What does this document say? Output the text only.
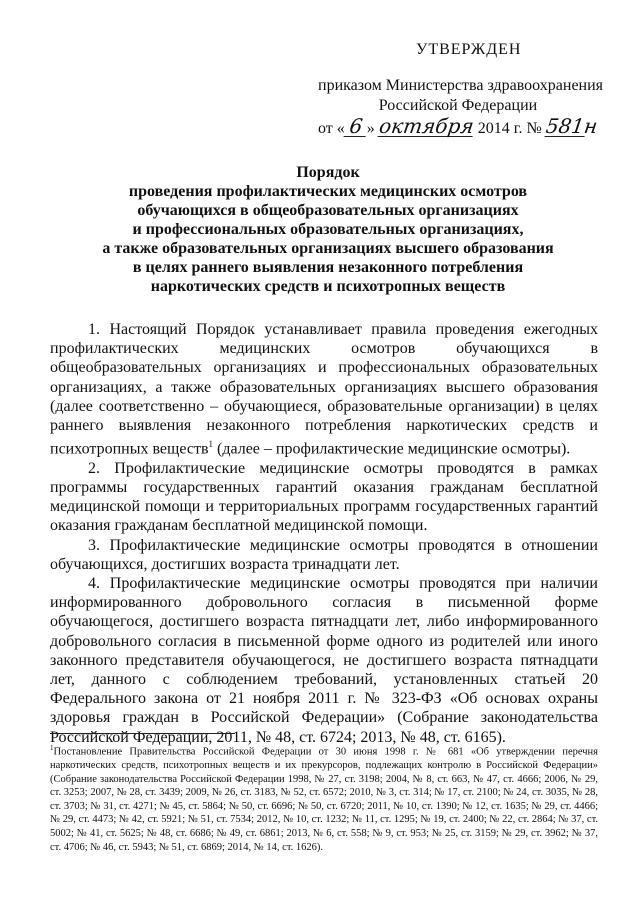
УТВЕРЖДЕН
приказом Министерства здравоохранения
Российской Федерации
от « 6 »
октября
2014 г. №
581н
Порядок
проведения профилактических медицинских осмотров
обучающихся в общеобразовательных организациях
и профессиональных образовательных организациях,
а также образовательных организациях высшего образования
в целях раннего выявления незаконного потребления
наркотических средств и психотропных веществ

1. Настоящий Порядок устанавливает правила проведения ежегодных профилактических медицинских осмотров обучающихся в общеобразовательных организациях и профессиональных образовательных организациях, а также образовательных организациях высшего образования (далее соответственно – обучающиеся, образовательные организации) в целях раннего выявления незаконного потребления наркотических средств и психотропных веществ$^1$ (далее – профилактические медицинские осмотры).

2. Профилактические медицинские осмотры проводятся в рамках программы государственных гарантий оказания гражданам бесплатной медицинской помощи и территориальных программ государственных гарантий оказания гражданам бесплатной медицинской помощи.

3. Профилактические медицинские осмотры проводятся в отношении обучающихся, достигших возраста тринадцати лет.

4. Профилактические медицинские осмотры проводятся при наличии информированного добровольного согласия в письменной форме обучающегося, достигшего возраста пятнадцати лет, либо информированного добровольного согласия в письменной форме одного из родителей или иного законного представителя обучающегося, не достигшего возраста пятнадцати лет, данного с соблюдением требований, установленных статьей 20 Федерального закона от 21 ноября 2011 г. № 323-ФЗ «Об основах охраны здоровья граждан в Российской Федерации» (Собрание законодательства Российской Федерации, 2011, № 48, ст. 6724; 2013, № 48, ст. 6165).

$^1$Постановление Правительства Российской Федерации от 30 июня 1998 г. № 681 «Об утверждении перечня наркотических средств, психотропных веществ и их прекурсоров, подлежащих контролю в Российской Федерации» (Собрание законодательства Российской Федерации 1998, № 27, ст. 3198; 2004, № 8, ст. 663, № 47, ст. 4666; 2006, № 29, ст. 3253; 2007, № 28, ст. 3439; 2009, № 26, ст. 3183, № 52, ст. 6572; 2010, № 3, ст. 314; № 17, ст. 2100; № 24, ст. 3035, № 28, ст. 3703; № 31, ст. 4271; № 45, ст. 5864; № 50, ст. 6696; № 50, ст. 6720; 2011, № 10, ст. 1390; № 12, ст. 1635; № 29, ст. 4466; № 29, ст. 4473; № 42, ст. 5921; № 51, ст. 7534; 2012, № 10, ст. 1232; № 11, ст. 1295; № 19, ст. 2400; № 22, ст. 2864; № 37, ст. 5002; № 41, ст. 5625; № 48, ст. 6686; № 49, ст. 6861; 2013, № 6, ст. 558; № 9, ст. 953; № 25, ст. 3159; № 29, ст. 3962; № 37, ст. 4706; № 46, ст. 5943; № 51, ст. 6869; 2014, № 14, ст. 1626).
